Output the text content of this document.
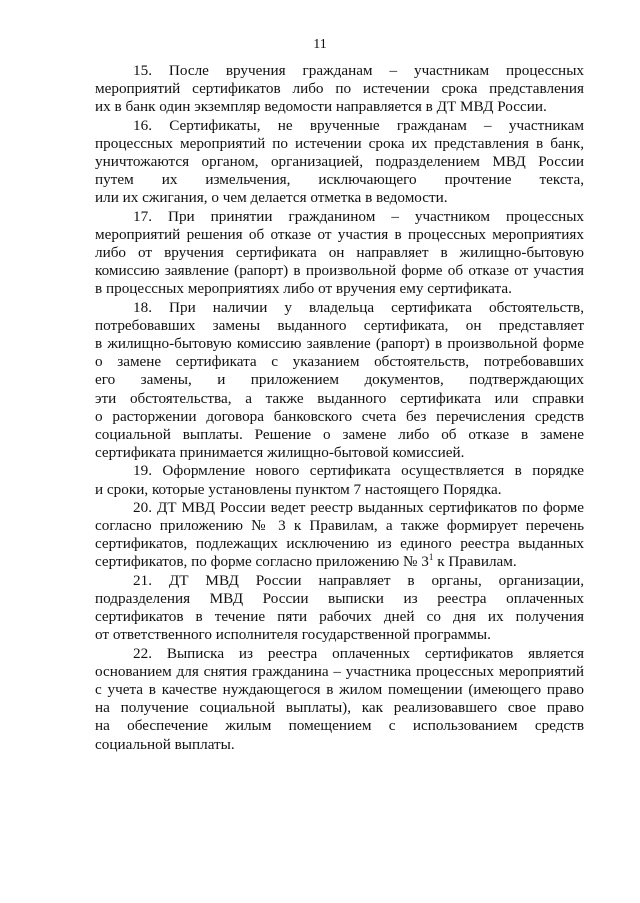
11

15. После вручения гражданам – участникам процессных
мероприятий сертификатов либо по истечении срока представления
их в банк один экземпляр ведомости направляется в ДТ МВД России.

16. Сертификаты, не врученные гражданам – участникам
процессных мероприятий по истечении срока их представления в банк,
уничтожаются органом, организацией, подразделением МВД России
путем их измельчения, исключающего прочтение текста,
или их сжигания, о чем делается отметка в ведомости.

17. При принятии гражданином – участником процессных
мероприятий решения об отказе от участия в процессных мероприятиях
либо от вручения сертификата он направляет в жилищно-бытовую
комиссию заявление (рапорт) в произвольной форме об отказе от участия
в процессных мероприятиях либо от вручения ему сертификата.

18. При наличии у владельца сертификата обстоятельств,
потребовавших замены выданного сертификата, он представляет
в жилищно-бытовую комиссию заявление (рапорт) в произвольной форме
о замене сертификата с указанием обстоятельств, потребовавших
его замены, и приложением документов, подтверждающих
эти обстоятельства, а также выданного сертификата или справки
о расторжении договора банковского счета без перечисления средств
социальной выплаты. Решение о замене либо об отказе в замене
сертификата принимается жилищно-бытовой комиссией.

19. Оформление нового сертификата осуществляется в порядке
и сроки, которые установлены пунктом 7 настоящего Порядка.

20. ДТ МВД России ведет реестр выданных сертификатов по форме
согласно приложению № 3 к Правилам, а также формирует перечень
сертификатов, подлежащих исключению из единого реестра выданных
сертификатов, по форме согласно приложению № $3^1$ к Правилам.

21. ДТ МВД России направляет в органы, организации,
подразделения МВД России выписки из реестра оплаченных
сертификатов в течение пяти рабочих дней со дня их получения
от ответственного исполнителя государственной программы.

22. Выписка из реестра оплаченных сертификатов является
основанием для снятия гражданина – участника процессных мероприятий
с учета в качестве нуждающегося в жилом помещении (имеющего право
на получение социальной выплаты), как реализовавшего свое право
на обеспечение жилым помещением с использованием средств
социальной выплаты.
